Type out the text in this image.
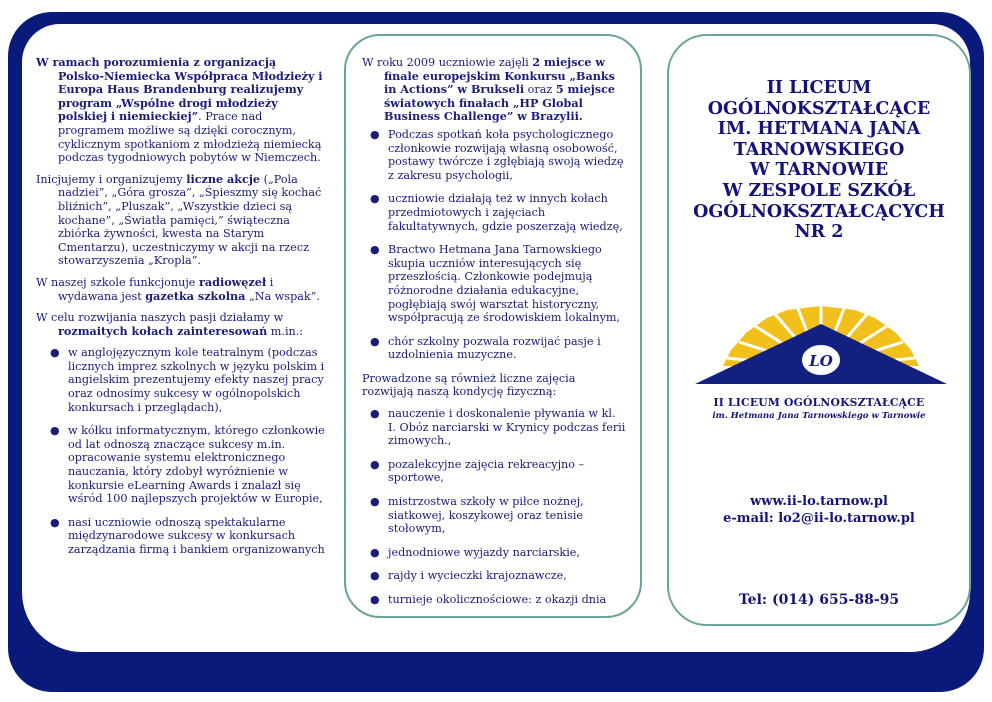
W ramach porozumienia z organizacją Polsko-Niemiecka Współpraca Młodzieży i Europa Haus Brandenburg realizujemy program „Wspólne drogi młodzieży polskiej i niemieckiej”. Prace nad programem możliwe są dzięki corocznym, cyklicznym spotkaniom z młodzieżą niemiecką podczas tygodniowych pobytów w Niemczech.

Inicjujemy i organizujemy liczne akcje („Pola nadziei”, „Góra grosza”, „Śpieszmy się kochać bliźnich”, „Pluszak”, „Wszystkie dzieci są kochane”, „Światła pamięci,” świąteczna zbiórka żywności, kwesta na Starym Cmentarzu), uczestniczymy w akcji na rzecz stowarzyszenia „Kropla”.

W naszej szkole funkcjonuje radiowęzeł i wydawana jest gazetka szkolna „Na wspak”.

W celu rozwijania naszych pasji działamy w rozmaitych kołach zainteresowań m.in.:

● w anglojęzycznym kole teatralnym (podczas licznych imprez szkolnych w języku polskim i angielskim prezentujemy efekty naszej pracy oraz odnosimy sukcesy w ogólnopolskich konkursach i przeglądach),
● w kółku informatycznym, którego członkowie od lat odnoszą znaczące sukcesy m.in. opracowanie systemu elektronicznego nauczania, który zdobył wyróżnienie w konkursie eLearning Awards i znalazł się wśród 100 najlepszych projektów w Europie,
● nasi uczniowie odnoszą spektakularne międzynarodowe sukcesy w konkursach zarządzania firmą i bankiem organizowanych

W roku 2009 uczniowie zajęli 2 miejsce w finale europejskim Konkursu „Banks in Actions” w Brukseli oraz 5 miejsce światowych finałach „HP Global Business Challenge” w Brazylii.

● Podczas spotkań koła psychologicznego członkowie rozwijają własną osobowość, postawy twórcze i zgłębiają swoją wiedzę z zakresu psychologii,
● uczniowie działają też w innych kołach przedmiotowych i zajęciach fakultatywnych, gdzie poszerzają wiedzę,
● Bractwo Hetmana Jana Tarnowskiego skupia uczniów interesujących się przeszłością. Członkowie podejmują różnorodne działania edukacyjne, pogłębiają swój warsztat historyczny, współpracują ze środowiskiem lokalnym,
● chór szkolny pozwala rozwijać pasje i uzdolnienia muzyczne.

Prowadzone są również liczne zajęcia rozwijają naszą kondycję fizyczną:

● nauczenie i doskonalenie pływania w kl. I. Obóz narciarski w Krynicy podczas ferii zimowych.,
● pozalekcyjne zajęcia rekreacyjno – sportowe,
● mistrzostwa szkoły w piłce nożnej, siatkowej, koszykowej oraz tenisie stołowym,
● jednodniowe wyjazdy narciarskie,
● rajdy i wycieczki krajoznawcze,
● turnieje okolicznościowe: z okazji dnia
II LICEUM
OGÓLNOKSZTAŁCĄCE
IM. HETMANA JANA
TARNOWSKIEGO
W TARNOWIE
W ZESPOLE SZKÓŁ
OGÓLNOKSZTAŁCĄCYCH
NR 2
LO
II LICEUM OGÓLNOKSZTAŁCĄCE
im. Hetmana Jana Tarnowskiego w Tarnowie
www.ii-lo.tarnow.pl
e-mail: lo2@ii-lo.tarnow.pl
Tel: (014) 655-88-95
